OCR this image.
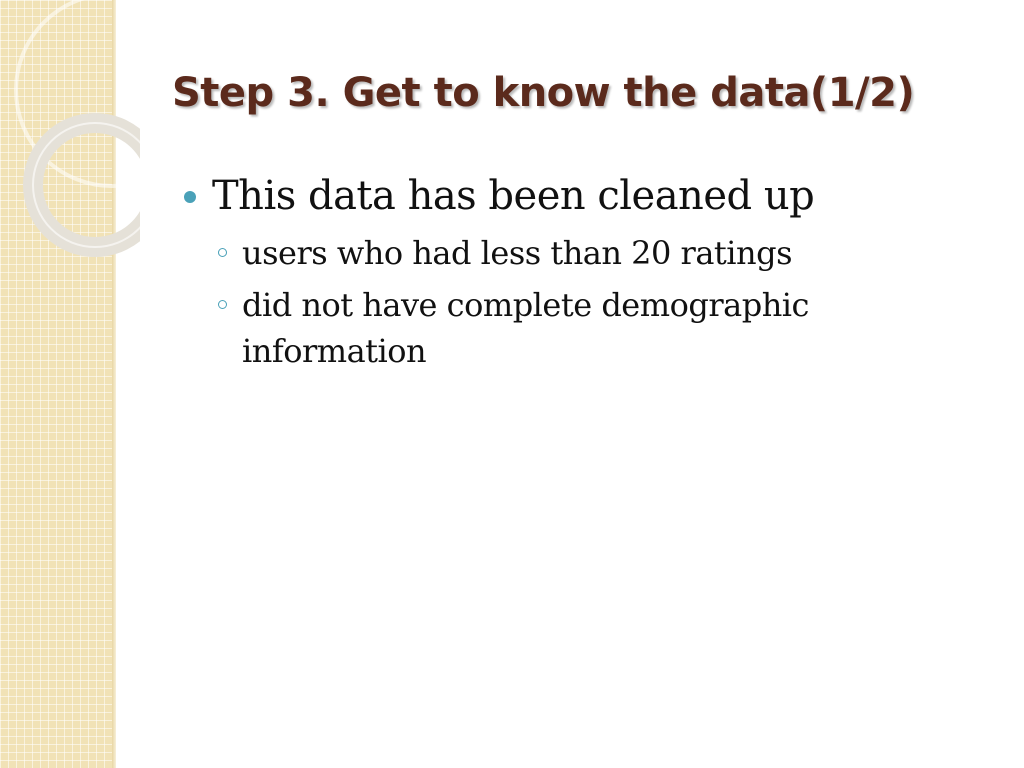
Step 3. Get to know the data(1/2)
This data has been cleaned up
users who had less than 20 ratings
did not have complete demographic information
